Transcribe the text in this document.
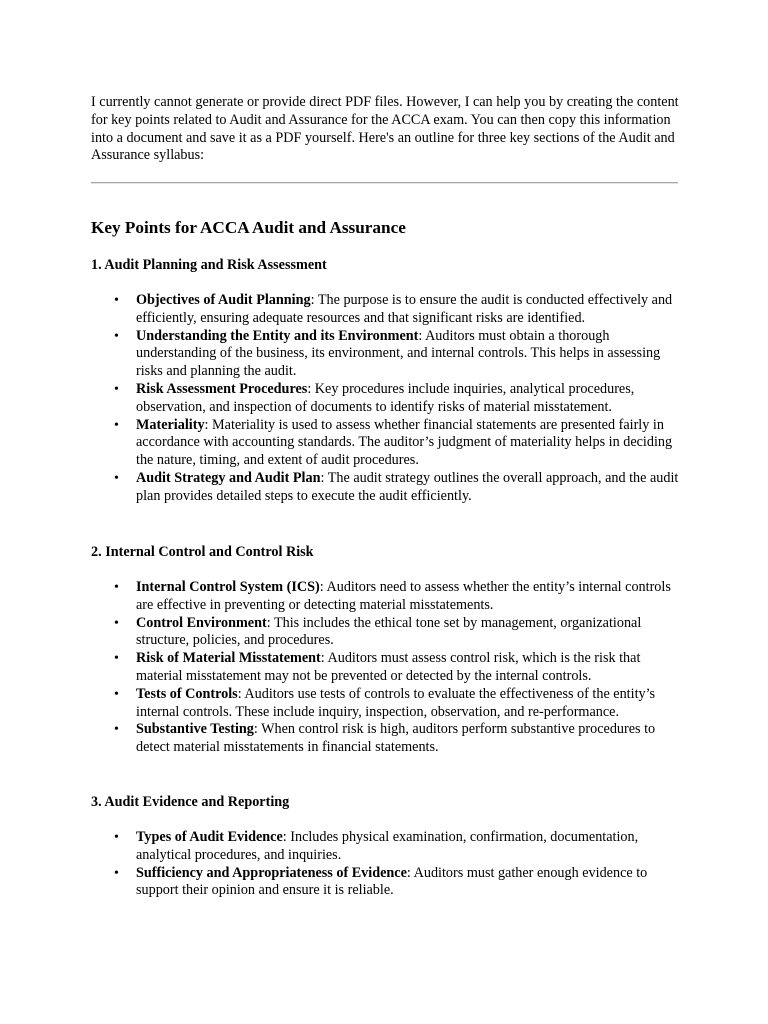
I currently cannot generate or provide direct PDF files. However, I can help you by creating the content for key points related to Audit and Assurance for the ACCA exam. You can then copy this information into a document and save it as a PDF yourself. Here's an outline for three key sections of the Audit and Assurance syllabus:

Key Points for ACCA Audit and Assurance
1. Audit Planning and Risk Assessment
• Objectives of Audit Planning: The purpose is to ensure the audit is conducted effectively and efficiently, ensuring adequate resources and that significant risks are identified.
• Understanding the Entity and its Environment: Auditors must obtain a thorough understanding of the business, its environment, and internal controls. This helps in assessing risks and planning the audit.
• Risk Assessment Procedures: Key procedures include inquiries, analytical procedures, observation, and inspection of documents to identify risks of material misstatement.
• Materiality: Materiality is used to assess whether financial statements are presented fairly in accordance with accounting standards. The auditor’s judgment of materiality helps in deciding the nature, timing, and extent of audit procedures.
• Audit Strategy and Audit Plan: The audit strategy outlines the overall approach, and the audit plan provides detailed steps to execute the audit efficiently.
2. Internal Control and Control Risk
• Internal Control System (ICS): Auditors need to assess whether the entity’s internal controls are effective in preventing or detecting material misstatements.
• Control Environment: This includes the ethical tone set by management, organizational structure, policies, and procedures.
• Risk of Material Misstatement: Auditors must assess control risk, which is the risk that material misstatement may not be prevented or detected by the internal controls.
• Tests of Controls: Auditors use tests of controls to evaluate the effectiveness of the entity’s internal controls. These include inquiry, inspection, observation, and re-performance.
• Substantive Testing: When control risk is high, auditors perform substantive procedures to detect material misstatements in financial statements.
3. Audit Evidence and Reporting
• Types of Audit Evidence: Includes physical examination, confirmation, documentation, analytical procedures, and inquiries.
• Sufficiency and Appropriateness of Evidence: Auditors must gather enough evidence to support their opinion and ensure it is reliable.
